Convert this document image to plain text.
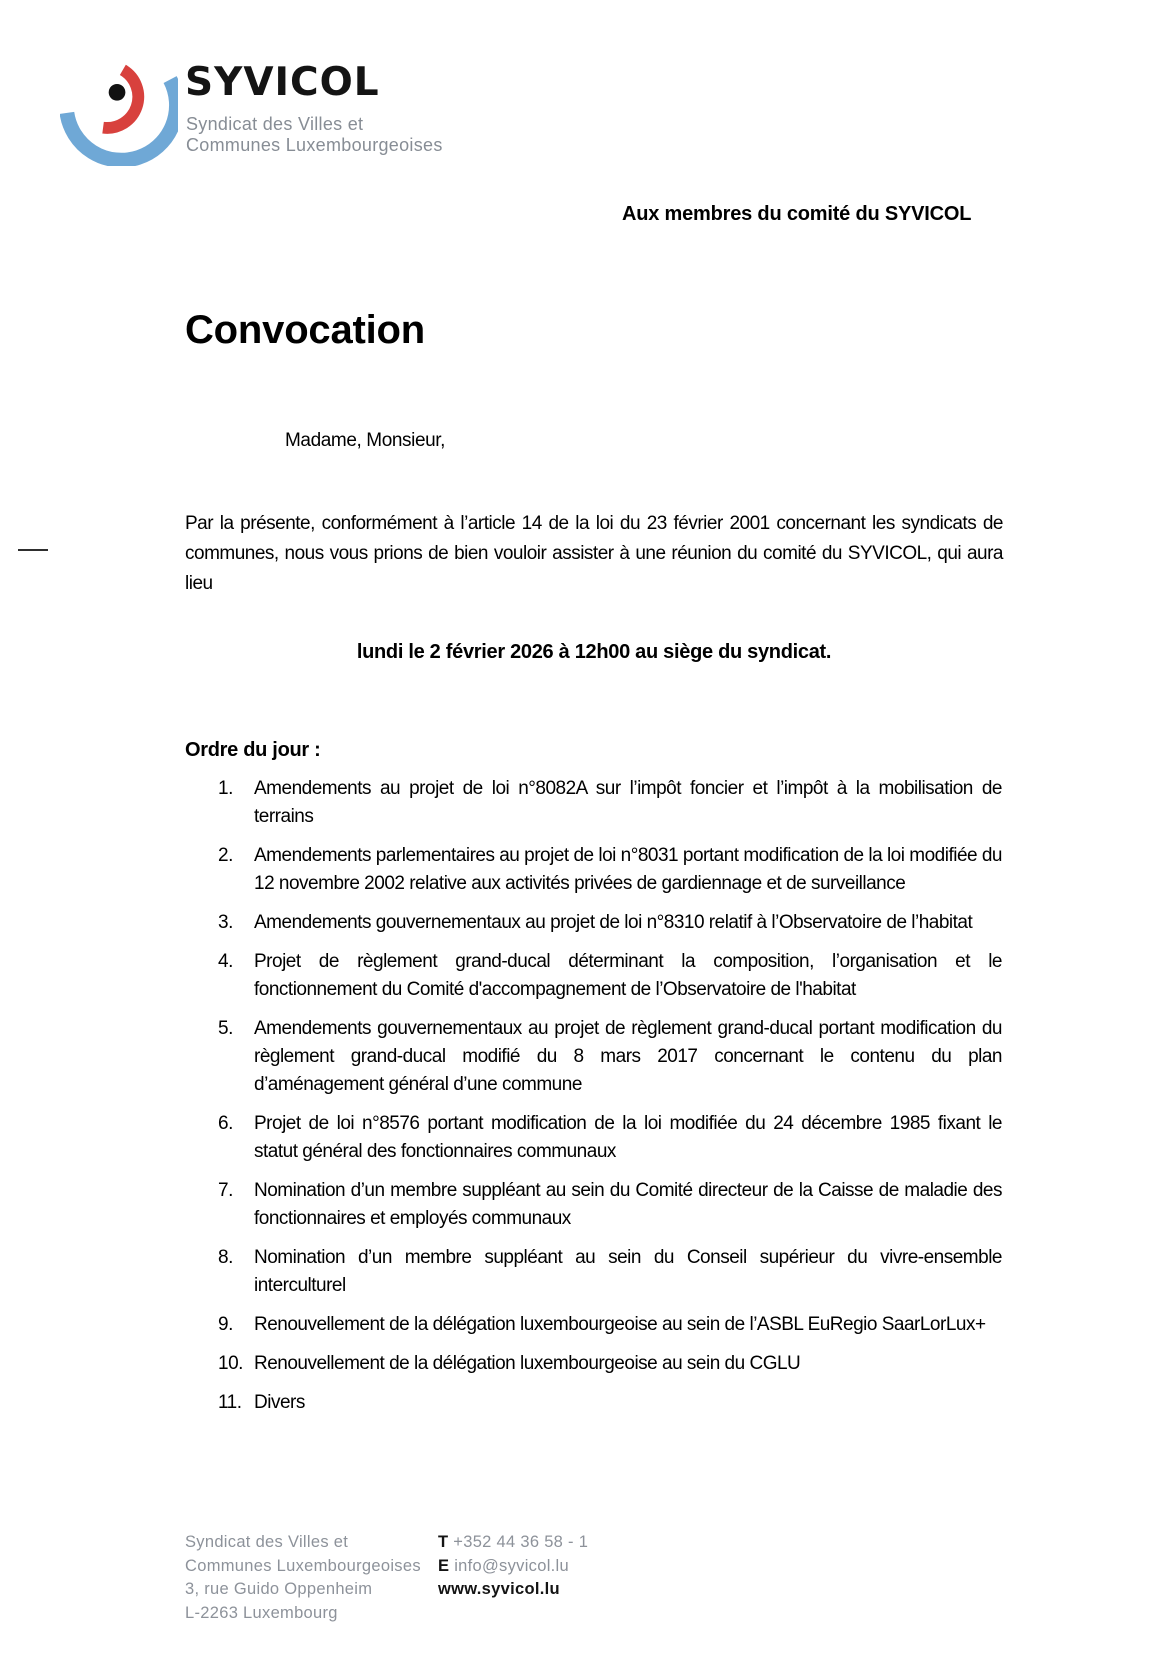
SYVICOL
Syndicat des Villes et
Communes Luxembourgeoises
Aux membres du comité du SYVICOL
Convocation
Madame, Monsieur,
Par la présente, conformément à l’article 14 de la loi du 23 février 2001 concernant les syndicats de communes, nous vous prions de bien vouloir assister à une réunion du comité du SYVICOL, qui aura lieu
lundi le 2 février 2026 à 12h00 au siège du syndicat.
Ordre du jour :
1.	Amendements au projet de loi n°8082A sur l’impôt foncier et l’impôt à la mobilisation de terrains
2.	Amendements parlementaires au projet de loi n°8031 portant modification de la loi modifiée du 12 novembre 2002 relative aux activités privées de gardiennage et de surveillance
3.	Amendements gouvernementaux au projet de loi n°8310 relatif à l’Observatoire de l’habitat
4.	Projet de règlement grand-ducal déterminant la composition, l’organisation et le fonctionnement du Comité d'accompagnement de l’Observatoire de l'habitat
5.	Amendements gouvernementaux au projet de règlement grand-ducal portant modification du règlement grand-ducal modifié du 8 mars 2017 concernant le contenu du plan d’aménagement général d’une commune
6.	Projet de loi n°8576 portant modification de la loi modifiée du 24 décembre 1985 fixant le statut général des fonctionnaires communaux
7.	Nomination d’un membre suppléant au sein du Comité directeur de la Caisse de maladie des fonctionnaires et employés communaux
8.	Nomination d’un membre suppléant au sein du Conseil supérieur du vivre-ensemble interculturel
9.	Renouvellement de la délégation luxembourgeoise au sein de l’ASBL EuRegio SaarLorLux+
10. Renouvellement de la délégation luxembourgeoise au sein du CGLU
11. Divers
Syndicat des Villes et
Communes Luxembourgeoises
3, rue Guido Oppenheim
L-2263 Luxembourg
T +352 44 36 58 - 1
E info@syvicol.lu
www.syvicol.lu
